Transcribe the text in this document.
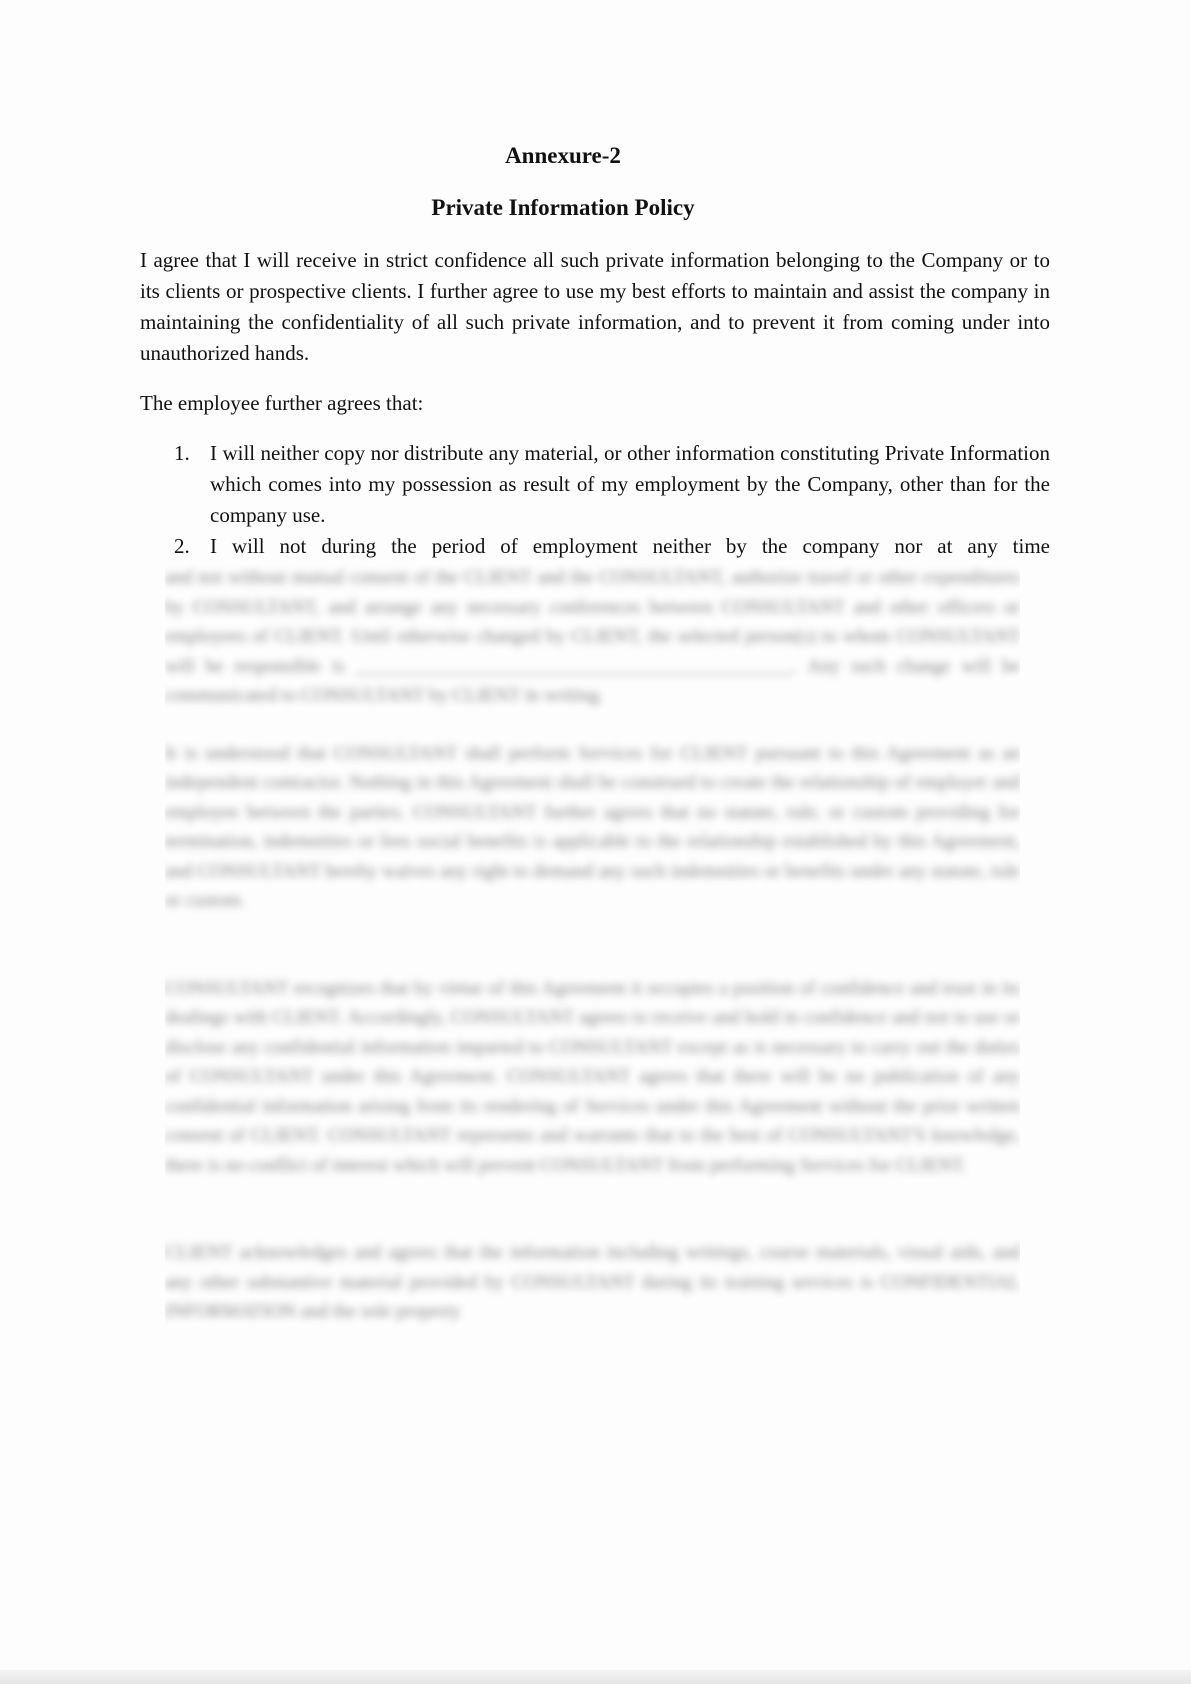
Annexure-2
Private Information Policy

I agree that I will receive in strict confidence all such private information belonging to the Company or to its clients or prospective clients. I further agree to use my best efforts to maintain and assist the company in maintaining the confidentiality of all such private information, and to prevent it from coming under into unauthorized hands.

The employee further agrees that:

1. I will neither copy nor distribute any material, or other information constituting Private Information which comes into my possession as result of my employment by the Company, other than for the company use.
2. I will not during the period of employment neither by the company nor at any time

and not without mutual consent of the CLIENT and the CONSULTANT, authorize travel or other expenditures by CONSULTANT, and arrange any necessary conferences between CONSULTANT and other officers or employees of CLIENT. Until otherwise changed by CLIENT, the selected person(s) to whom CONSULTANT will be responsible is ______________________________________________. Any such change will be communicated to CONSULTANT by CLIENT in writing.

It is understood that CONSULTANT shall perform Services for CLIENT pursuant to this Agreement as an independent contractor. Nothing in this Agreement shall be construed to create the relationship of employer and employee between the parties. CONSULTANT further agrees that no statute, rule, or custom providing for termination, indemnities or fees social benefits is applicable to the relationship established by this Agreement, and CONSULTANT hereby waives any right to demand any such indemnities or benefits under any statute, rule or custom.

CONSULTANT recognizes that by virtue of this Agreement it occupies a position of confidence and trust in its dealings with CLIENT. Accordingly, CONSULTANT agrees to receive and hold in confidence and not to use or disclose any confidential information imparted to CONSULTANT except as is necessary to carry out the duties of CONSULTANT under this Agreement. CONSULTANT agrees that there will be no publication of any confidential information arising from its rendering of Services under this Agreement without the prior written consent of CLIENT. CONSULTANT represents and warrants that to the best of CONSULTANT'S knowledge, there is no conflict of interest which will prevent CONSULTANT from performing Services for CLIENT.

CLIENT acknowledges and agrees that the information including writings, course materials, visual aids, and any other substantive material provided by CONSULTANT during its training services is CONFIDENTIAL INFORMATION and the sole property
